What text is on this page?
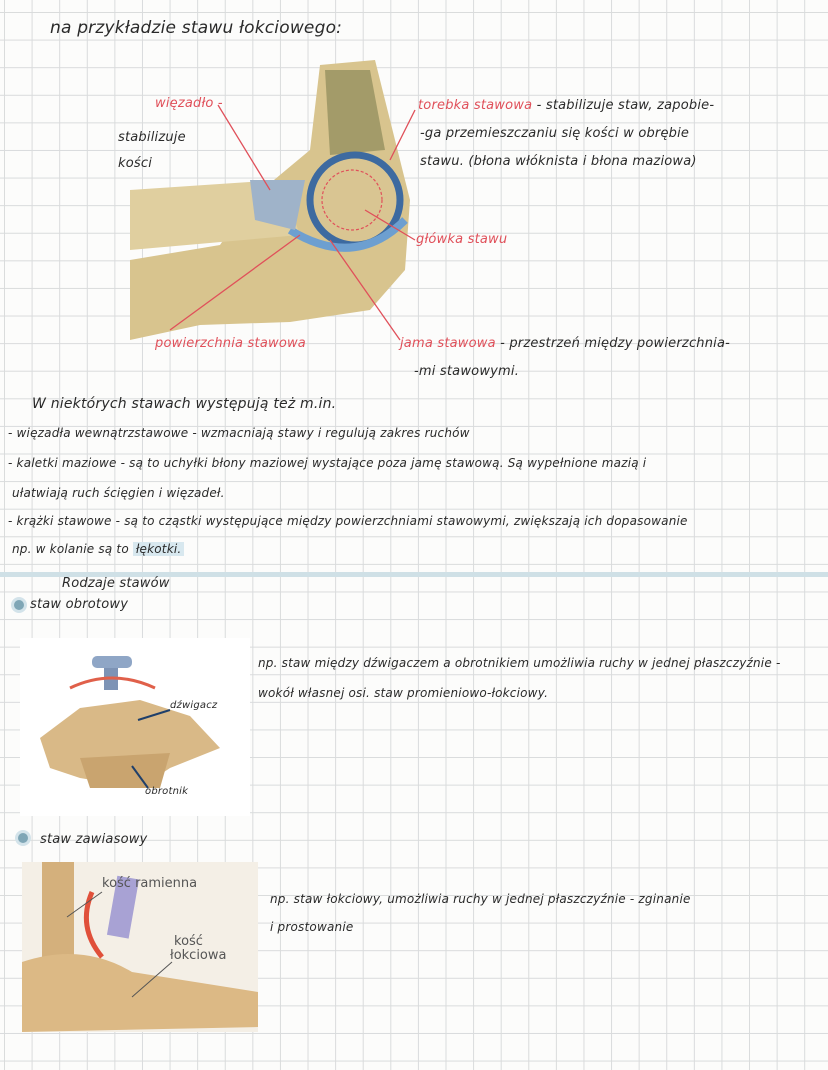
na przykładzie stawu łokciowego:
więzadło -
stabilizuje
kości
torebka stawowa - stabilizuje staw, zapobie-
-ga przemieszczaniu się kości w obrębie
stawu. (błona włóknista i błona maziowa)
główka stawu
powierzchnia stawowa	jama stawowa - przestrzeń między powierzchnia-
-mi stawowymi.
W niektórych stawach występują też m.in.
- więzadła wewnątrzstawowe - wzmacniają stawy i regulują zakres ruchów
- kaletki maziowe - są to uchyłki błony maziowej wystające poza jamę stawową. Są wypełnione mazią i
ułatwiają ruch ścięgien i więzadeł.
- krążki stawowe - są to cząstki występujące między powierzchniami stawowymi, zwiększają ich dopasowanie
np. w kolanie są to łękotki.
Rodzaje stawów
staw obrotowy
dźwigacz
obrotnik
np. staw między dźwigaczem a obrotnikiem umożliwia ruchy w jednej płaszczyźnie -
wokół własnej osi. staw promieniowo-łokciowy.
staw zawiasowy
kość ramienna
kość
łokciowa
np. staw łokciowy, umożliwia ruchy w jednej płaszczyźnie - zginanie
i prostowanie
